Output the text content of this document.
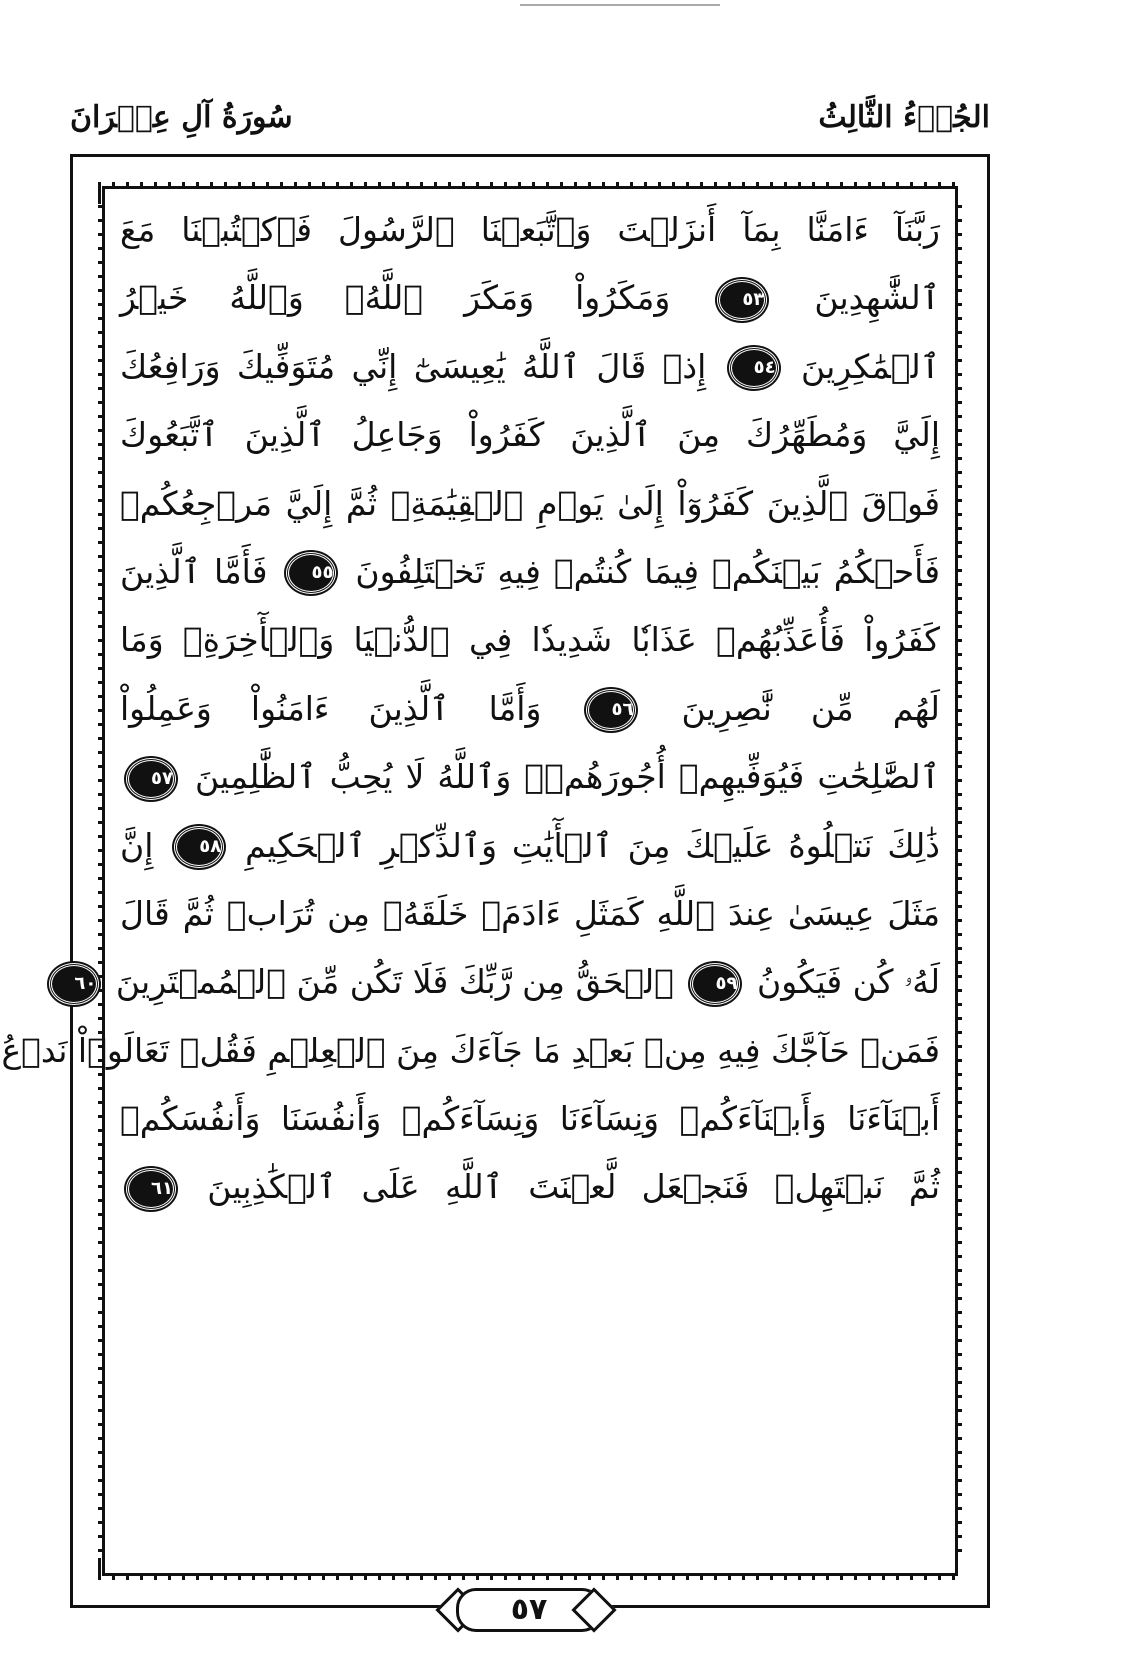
سُورَةُ آلِ عِمۡرَانَ	الجُزۡءُ الثَّالِثُ
رَبَّنَآ ءَامَنَّا بِمَآ أَنزَلۡتَ وَٱتَّبَعۡنَا ٱلرَّسُولَ فَٱكۡتُبۡنَا مَعَ
ٱلشَّٰهِدِينَ ٥٣ وَمَكَرُواْ وَمَكَرَ ٱللَّهُۖ وَٱللَّهُ خَيۡرُ
ٱلۡمَٰكِرِينَ ٥٤ إِذۡ قَالَ ٱللَّهُ يَٰعِيسَىٰٓ إِنِّي مُتَوَفِّيكَ وَرَافِعُكَ
إِلَيَّ وَمُطَهِّرُكَ مِنَ ٱلَّذِينَ كَفَرُواْ وَجَاعِلُ ٱلَّذِينَ ٱتَّبَعُوكَ
فَوۡقَ ٱلَّذِينَ كَفَرُوٓاْ إِلَىٰ يَوۡمِ ٱلۡقِيَٰمَةِۖ ثُمَّ إِلَيَّ مَرۡجِعُكُمۡ
فَأَحۡكُمُ بَيۡنَكُمۡ فِيمَا كُنتُمۡ فِيهِ تَخۡتَلِفُونَ ٥٥ فَأَمَّا ٱلَّذِينَ
كَفَرُواْ فَأُعَذِّبُهُمۡ عَذَابٗا شَدِيدٗا فِي ٱلدُّنۡيَا وَٱلۡأٓخِرَةِۖ وَمَا
لَهُم مِّن نَّٰصِرِينَ ٥٦ وَأَمَّا ٱلَّذِينَ ءَامَنُواْ وَعَمِلُواْ
ٱلصَّٰلِحَٰتِ فَيُوَفِّيهِمۡ أُجُورَهُمۡۗ وَٱللَّهُ لَا يُحِبُّ ٱلظَّٰلِمِينَ ٥٧
ذَٰلِكَ نَتۡلُوهُ عَلَيۡكَ مِنَ ٱلۡأٓيَٰتِ وَٱلذِّكۡرِ ٱلۡحَكِيمِ ٥٨ إِنَّ
مَثَلَ عِيسَىٰ عِندَ ٱللَّهِ كَمَثَلِ ءَادَمَۖ خَلَقَهُۥ مِن تُرَابٖ ثُمَّ قَالَ
لَهُۥ كُن فَيَكُونُ ٥٩ ٱلۡحَقُّ مِن رَّبِّكَ فَلَا تَكُن مِّنَ ٱلۡمُمۡتَرِينَ ٦٠
فَمَنۡ حَآجَّكَ فِيهِ مِنۢ بَعۡدِ مَا جَآءَكَ مِنَ ٱلۡعِلۡمِ فَقُلۡ تَعَالَوۡاْ نَدۡعُ
أَبۡنَآءَنَا وَأَبۡنَآءَكُمۡ وَنِسَآءَنَا وَنِسَآءَكُمۡ وَأَنفُسَنَا وَأَنفُسَكُمۡ
ثُمَّ نَبۡتَهِلۡ فَنَجۡعَل لَّعۡنَتَ ٱللَّهِ عَلَى ٱلۡكَٰذِبِينَ ٦١
٥٧
